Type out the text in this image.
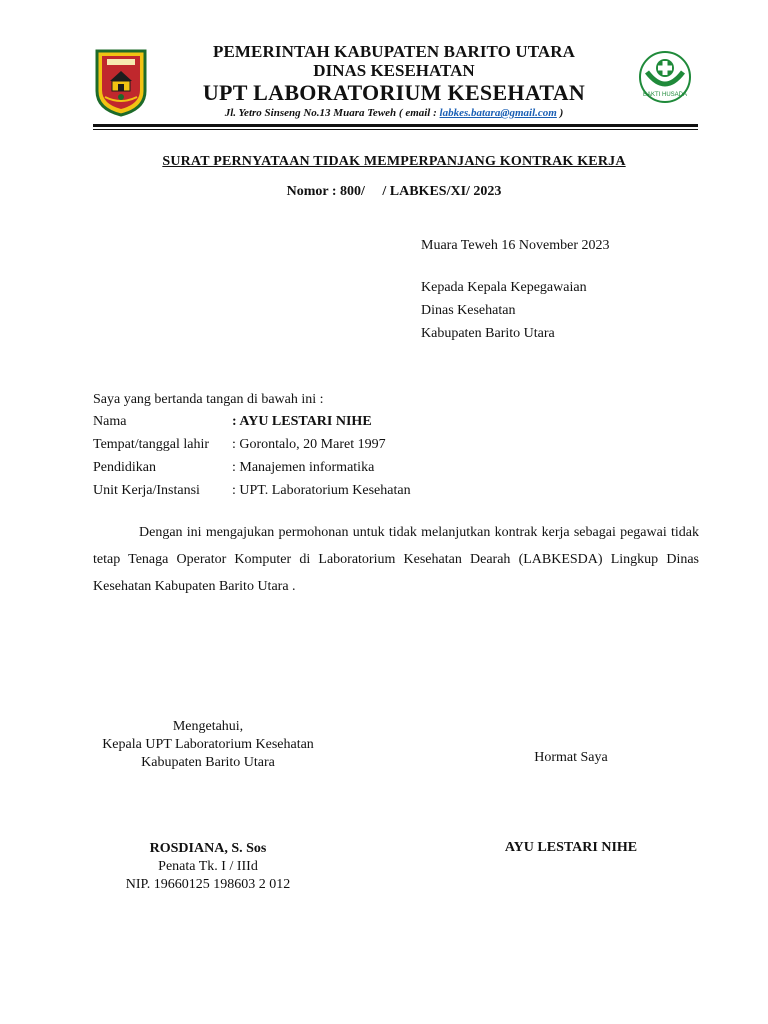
PEMERINTAH KABUPATEN BARITO UTARA
DINAS KESEHATAN
UPT LABORATORIUM KESEHATAN
Jl. Yetro Sinseng No.13 Muara Teweh ( email : labkes.batara@gmail.com )
BAKTI HUSADA
SURAT PERNYATAAN TIDAK MEMPERPANJANG KONTRAK KERJA
Nomor : 800/     / LABKES/XI/ 2023
Muara Teweh 16 November 2023
Kepada Kepala Kepegawaian
Dinas Kesehatan
Kabupaten Barito Utara
Saya yang bertanda tangan di bawah ini :
Nama	: AYU LESTARI NIHE
Tempat/tanggal lahir	: Gorontalo, 20 Maret 1997
Pendidikan	: Manajemen informatika
Unit Kerja/Instansi	: UPT. Laboratorium Kesehatan
Dengan ini mengajukan permohonan untuk tidak melanjutkan kontrak kerja sebagai pegawai tidak tetap Tenaga Operator Komputer di Laboratorium Kesehatan Dearah (LABKESDA) Lingkup Dinas Kesehatan Kabupaten Barito Utara .
Mengetahui,
Kepala UPT Laboratorium Kesehatan
Kabupaten Barito Utara	Hormat Saya
ROSDIANA, S. Sos
Penata Tk. I / IIId
NIP. 19660125 198603 2 012
AYU LESTARI NIHE
